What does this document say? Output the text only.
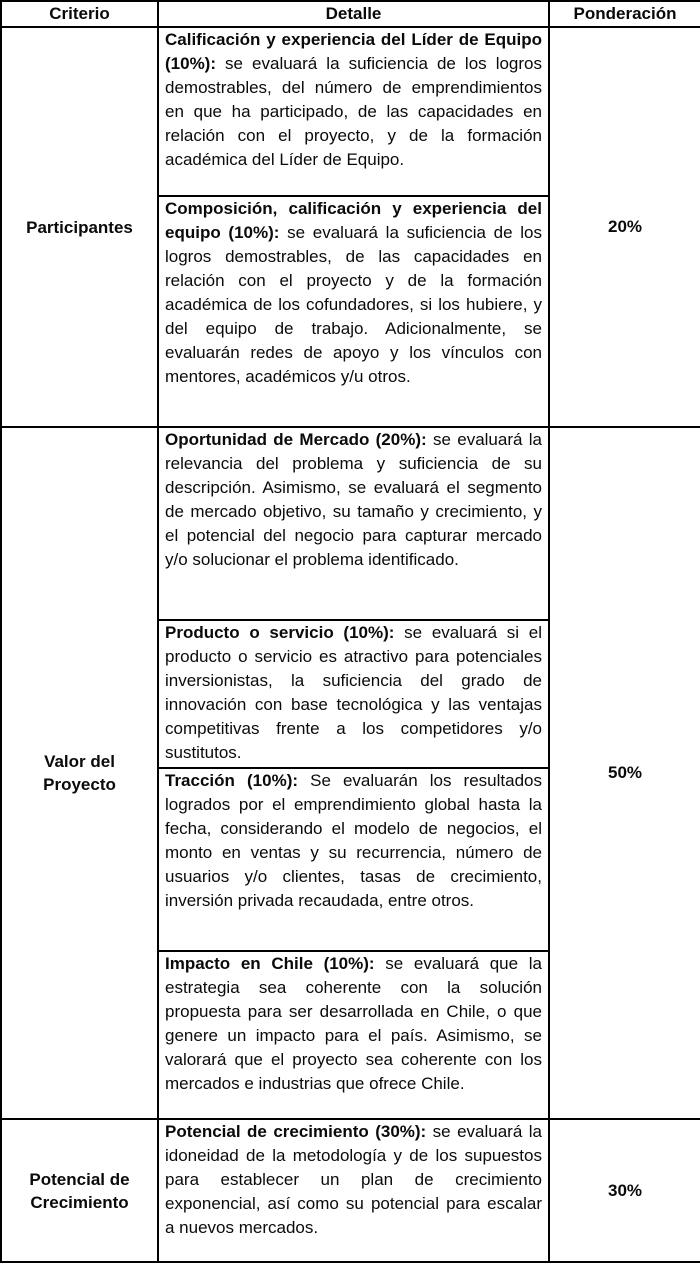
Criterio	Detalle	Ponderación
Participantes	Calificación y experiencia del Líder de Equipo (10%): se evaluará la suficiencia de los logros demostrables, del número de emprendimientos en que ha participado, de las capacidades en relación con el proyecto, y de la formación académica del Líder de Equipo.	20%
	Composición, calificación y experiencia del equipo (10%): se evaluará la suficiencia de los logros demostrables, de las capacidades en relación con el proyecto y de la formación académica de los cofundadores, si los hubiere, y del equipo de trabajo. Adicionalmente, se evaluarán redes de apoyo y los vínculos con mentores, académicos y/u otros.	
Valor del Proyecto	Oportunidad de Mercado (20%): se evaluará la relevancia del problema y suficiencia de su descripción. Asimismo, se evaluará el segmento de mercado objetivo, su tamaño y crecimiento, y el potencial del negocio para capturar mercado y/o solucionar el problema identificado.	50%
	Producto o servicio (10%): se evaluará si el producto o servicio es atractivo para potenciales inversionistas, la suficiencia del grado de innovación con base tecnológica y las ventajas competitivas frente a los competidores y/o sustitutos.	
	Tracción (10%): Se evaluarán los resultados logrados por el emprendimiento global hasta la fecha, considerando el modelo de negocios, el monto en ventas y su recurrencia, número de usuarios y/o clientes, tasas de crecimiento, inversión privada recaudada, entre otros.	
	Impacto en Chile (10%): se evaluará que la estrategia sea coherente con la solución propuesta para ser desarrollada en Chile, o que genere un impacto para el país. Asimismo, se valorará que el proyecto sea coherente con los mercados e industrias que ofrece Chile.	
Potencial de Crecimiento	Potencial de crecimiento (30%): se evaluará la idoneidad de la metodología y de los supuestos para establecer un plan de crecimiento exponencial, así como su potencial para escalar a nuevos mercados.	30%
